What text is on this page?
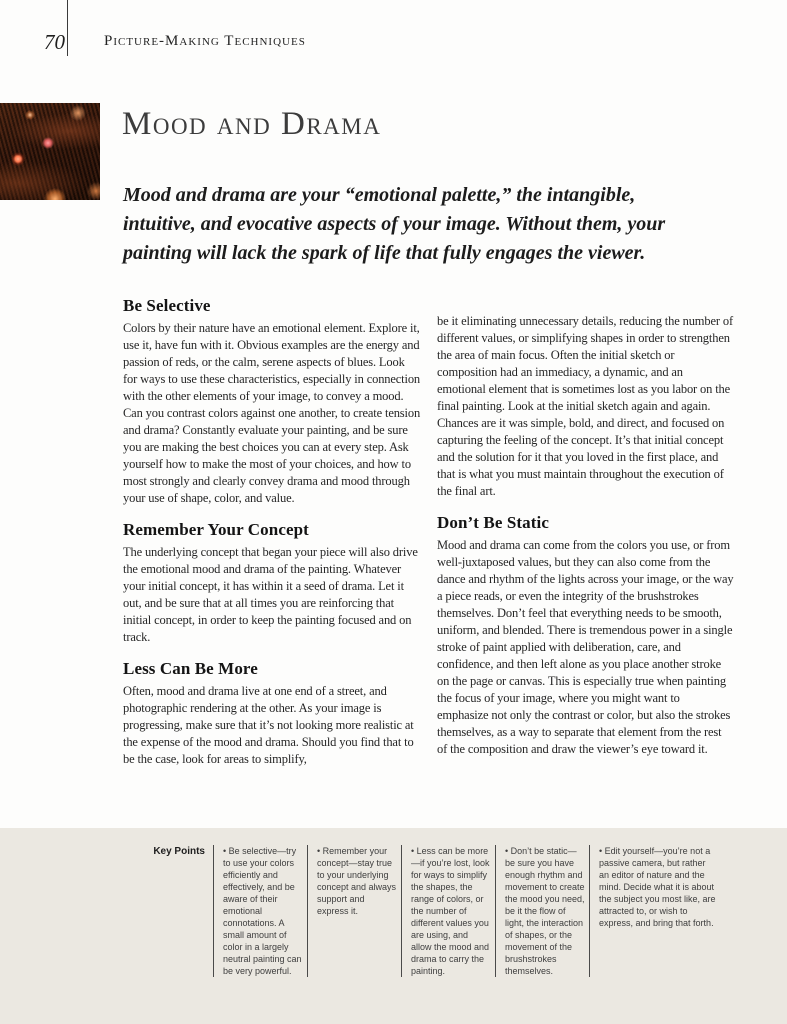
70	Picture-Making Techniques
Mood and Drama
Mood and drama are your “emotional palette,” the intangible, intuitive, and evocative aspects of your image. Without them, your painting will lack the spark of life that fully engages the viewer.
Be Selective

Colors by their nature have an emotional element. Explore it, use it, have fun with it. Obvious examples are the energy and passion of reds, or the calm, serene aspects of blues. Look for ways to use these characteristics, especially in connection with the other elements of your image, to convey a mood. Can you contrast colors against one another, to create tension and drama? Constantly evaluate your painting, and be sure you are making the best choices you can at every step. Ask yourself how to make the most of your choices, and how to most strongly and clearly convey drama and mood through your use of shape, color, and value.

Remember Your Concept

The underlying concept that began your piece will also drive the emotional mood and drama of the painting. Whatever your initial concept, it has within it a seed of drama. Let it out, and be sure that at all times you are reinforcing that initial concept, in order to keep the painting focused and on track.

Less Can Be More

Often, mood and drama live at one end of a street, and photographic rendering at the other. As your image is progressing, make sure that it’s not looking more realistic at the expense of the mood and drama. Should you find that to be the case, look for areas to simplify,

be it eliminating unnecessary details, reducing the number of different values, or simplifying shapes in order to strengthen the area of main focus. Often the initial sketch or composition had an immediacy, a dynamic, and an emotional element that is sometimes lost as you labor on the final painting. Look at the initial sketch again and again. Chances are it was simple, bold, and direct, and focused on capturing the feeling of the concept. It’s that initial concept and the solution for it that you loved in the first place, and that is what you must maintain throughout the execution of the final art.

Don’t Be Static

Mood and drama can come from the colors you use, or from well-juxtaposed values, but they can also come from the dance and rhythm of the lights across your image, or the way a piece reads, or even the integrity of the brushstrokes themselves. Don’t feel that everything needs to be smooth, uniform, and blended. There is tremendous power in a single stroke of paint applied with deliberation, care, and confidence, and then left alone as you place another stroke on the page or canvas. This is especially true when painting the focus of your image, where you might want to emphasize not only the contrast or color, but also the strokes themselves, as a way to separate that element from the rest of the composition and draw the viewer’s eye toward it.

Key Points	• Be selective—try to use your colors efficiently and effectively, and be aware of their emotional connotations. A small amount of color in a largely neutral painting can be very powerful.
• Remember your concept—stay true to your underlying concept and always support and express it.
• Less can be more—if you’re lost, look for ways to simplify the shapes, the range of colors, or the number of different values you are using, and allow the mood and drama to carry the painting.
• Don’t be static—be sure you have enough rhythm and movement to create the mood you need, be it the flow of light, the interaction of shapes, or the movement of the brushstrokes themselves.
• Edit yourself—you’re not a passive camera, but rather an editor of nature and the mind. Decide what it is about the subject you most like, are attracted to, or wish to express, and bring that forth.
